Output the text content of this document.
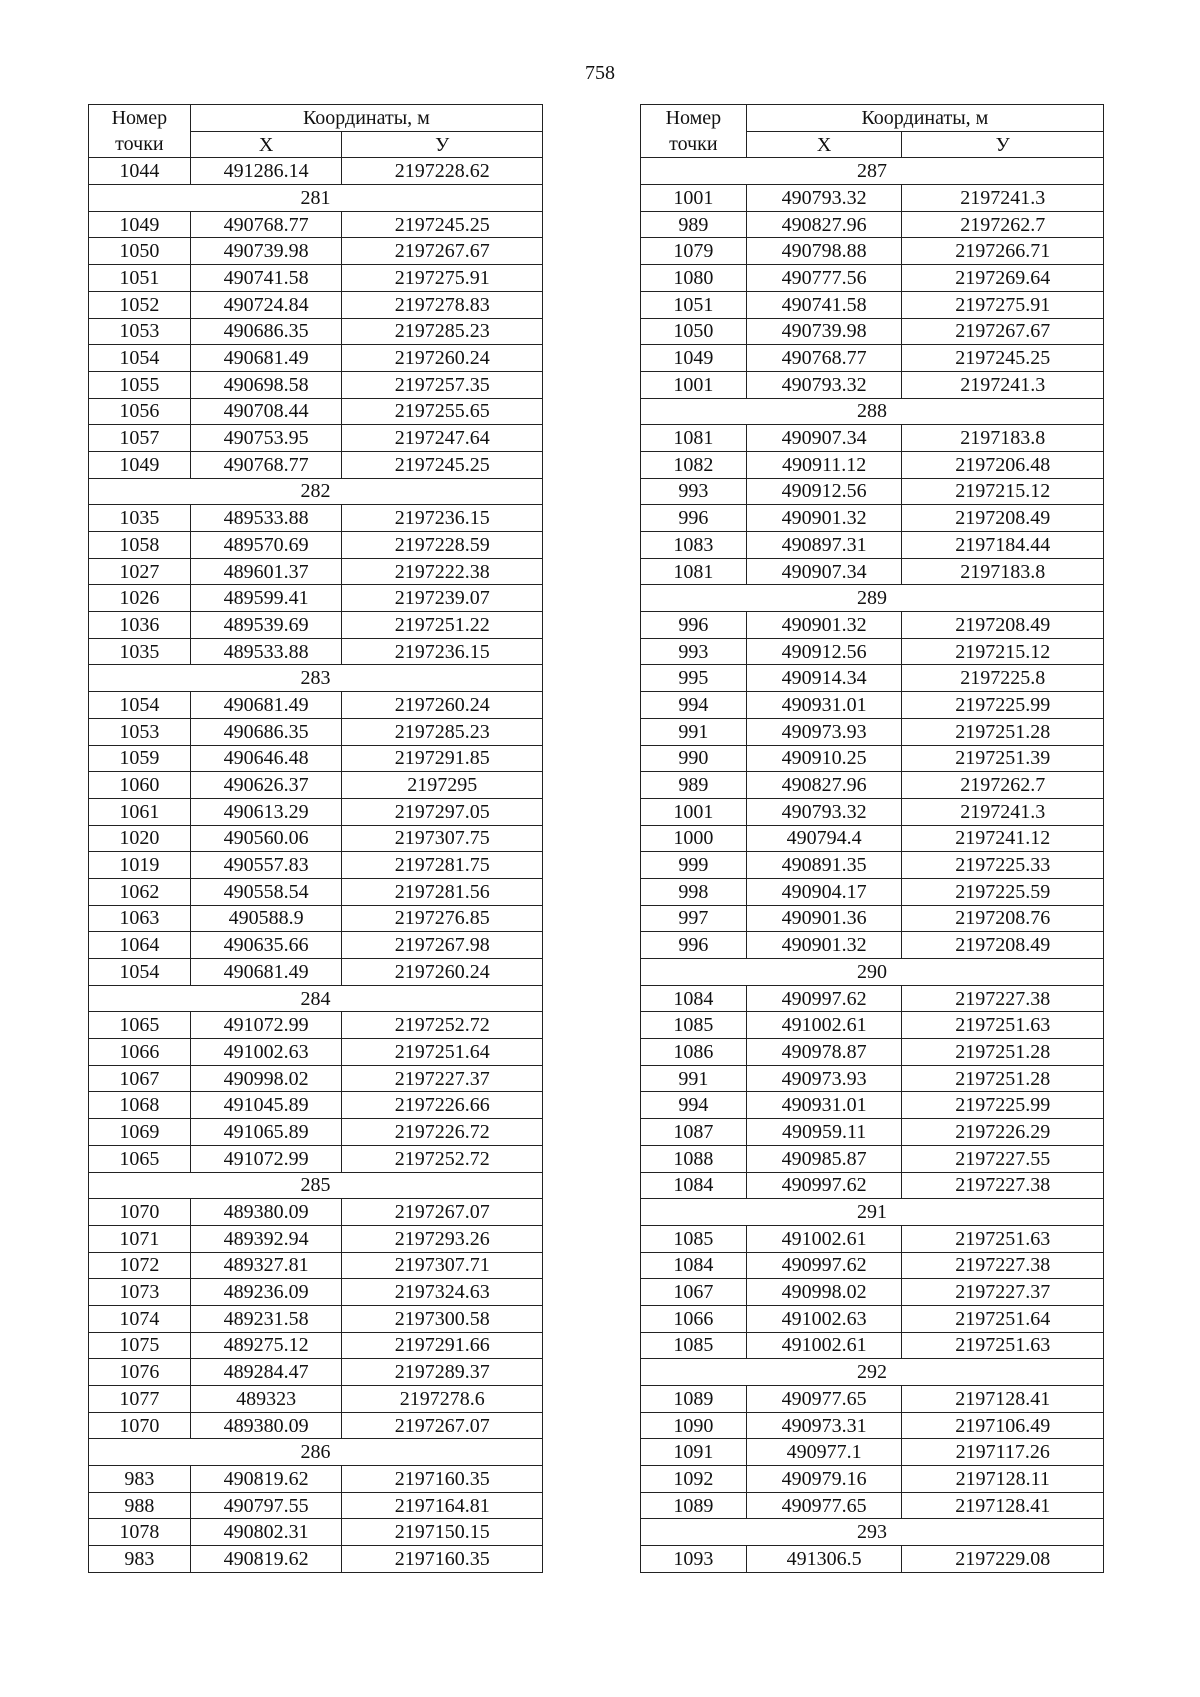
758
Номер	Координаты, м	
точки	X	У
1044	491286.14	2197228.62
281		
1049	490768.77	2197245.25
1050	490739.98	2197267.67
1051	490741.58	2197275.91
1052	490724.84	2197278.83
1053	490686.35	2197285.23
1054	490681.49	2197260.24
1055	490698.58	2197257.35
1056	490708.44	2197255.65
1057	490753.95	2197247.64
1049	490768.77	2197245.25
282		
1035	489533.88	2197236.15
1058	489570.69	2197228.59
1027	489601.37	2197222.38
1026	489599.41	2197239.07
1036	489539.69	2197251.22
1035	489533.88	2197236.15
283		
1054	490681.49	2197260.24
1053	490686.35	2197285.23
1059	490646.48	2197291.85
1060	490626.37	2197295
1061	490613.29	2197297.05
1020	490560.06	2197307.75
1019	490557.83	2197281.75
1062	490558.54	2197281.56
1063	490588.9	2197276.85
1064	490635.66	2197267.98
1054	490681.49	2197260.24
284		
1065	491072.99	2197252.72
1066	491002.63	2197251.64
1067	490998.02	2197227.37
1068	491045.89	2197226.66
1069	491065.89	2197226.72
1065	491072.99	2197252.72
285		
1070	489380.09	2197267.07
1071	489392.94	2197293.26
1072	489327.81	2197307.71
1073	489236.09	2197324.63
1074	489231.58	2197300.58
1075	489275.12	2197291.66
1076	489284.47	2197289.37
1077	489323	2197278.6
1070	489380.09	2197267.07
286		
983	490819.62	2197160.35
988	490797.55	2197164.81
1078	490802.31	2197150.15
983	490819.62	2197160.35
Номер	Координаты, м	
точки	X	У
287		
1001	490793.32	2197241.3
989	490827.96	2197262.7
1079	490798.88	2197266.71
1080	490777.56	2197269.64
1051	490741.58	2197275.91
1050	490739.98	2197267.67
1049	490768.77	2197245.25
1001	490793.32	2197241.3
288		
1081	490907.34	2197183.8
1082	490911.12	2197206.48
993	490912.56	2197215.12
996	490901.32	2197208.49
1083	490897.31	2197184.44
1081	490907.34	2197183.8
289		
996	490901.32	2197208.49
993	490912.56	2197215.12
995	490914.34	2197225.8
994	490931.01	2197225.99
991	490973.93	2197251.28
990	490910.25	2197251.39
989	490827.96	2197262.7
1001	490793.32	2197241.3
1000	490794.4	2197241.12
999	490891.35	2197225.33
998	490904.17	2197225.59
997	490901.36	2197208.76
996	490901.32	2197208.49
290		
1084	490997.62	2197227.38
1085	491002.61	2197251.63
1086	490978.87	2197251.28
991	490973.93	2197251.28
994	490931.01	2197225.99
1087	490959.11	2197226.29
1088	490985.87	2197227.55
1084	490997.62	2197227.38
291		
1085	491002.61	2197251.63
1084	490997.62	2197227.38
1067	490998.02	2197227.37
1066	491002.63	2197251.64
1085	491002.61	2197251.63
292		
1089	490977.65	2197128.41
1090	490973.31	2197106.49
1091	490977.1	2197117.26
1092	490979.16	2197128.11
1089	490977.65	2197128.41
293		
1093	491306.5	2197229.08
